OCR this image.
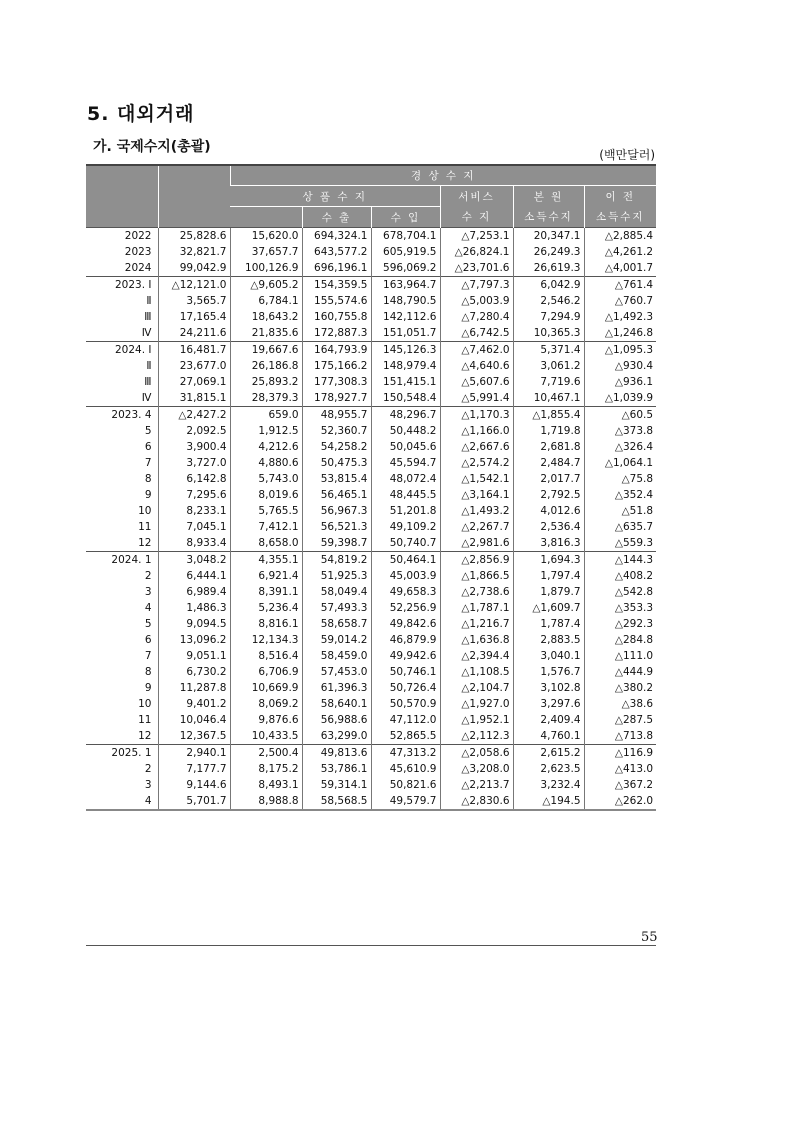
5. 대외거래
가. 국제수지(총괄)	(백만달러)
		경 상 수 지					
		상 품 수 지			서비스	본 원	이 전
			수 출	수 입	수 지	소득수지	소득수지
2022	25,828.6	15,620.0	694,324.1	678,704.1	△7,253.1	20,347.1	△2,885.4
2023	32,821.7	37,657.7	643,577.2	605,919.5	△26,824.1	26,249.3	△4,261.2
2024	99,042.9	100,126.9	696,196.1	596,069.2	△23,701.6	26,619.3	△4,001.7
2023. Ⅰ	△12,121.0	△9,605.2	154,359.5	163,964.7	△7,797.3	6,042.9	△761.4
Ⅱ	3,565.7	6,784.1	155,574.6	148,790.5	△5,003.9	2,546.2	△760.7
Ⅲ	17,165.4	18,643.2	160,755.8	142,112.6	△7,280.4	7,294.9	△1,492.3
Ⅳ	24,211.6	21,835.6	172,887.3	151,051.7	△6,742.5	10,365.3	△1,246.8
2024. Ⅰ	16,481.7	19,667.6	164,793.9	145,126.3	△7,462.0	5,371.4	△1,095.3
Ⅱ	23,677.0	26,186.8	175,166.2	148,979.4	△4,640.6	3,061.2	△930.4
Ⅲ	27,069.1	25,893.2	177,308.3	151,415.1	△5,607.6	7,719.6	△936.1
Ⅳ	31,815.1	28,379.3	178,927.7	150,548.4	△5,991.4	10,467.1	△1,039.9
2023. 4	△2,427.2	659.0	48,955.7	48,296.7	△1,170.3	△1,855.4	△60.5
5	2,092.5	1,912.5	52,360.7	50,448.2	△1,166.0	1,719.8	△373.8
6	3,900.4	4,212.6	54,258.2	50,045.6	△2,667.6	2,681.8	△326.4
7	3,727.0	4,880.6	50,475.3	45,594.7	△2,574.2	2,484.7	△1,064.1
8	6,142.8	5,743.0	53,815.4	48,072.4	△1,542.1	2,017.7	△75.8
9	7,295.6	8,019.6	56,465.1	48,445.5	△3,164.1	2,792.5	△352.4
10	8,233.1	5,765.5	56,967.3	51,201.8	△1,493.2	4,012.6	△51.8
11	7,045.1	7,412.1	56,521.3	49,109.2	△2,267.7	2,536.4	△635.7
12	8,933.4	8,658.0	59,398.7	50,740.7	△2,981.6	3,816.3	△559.3
2024. 1	3,048.2	4,355.1	54,819.2	50,464.1	△2,856.9	1,694.3	△144.3
2	6,444.1	6,921.4	51,925.3	45,003.9	△1,866.5	1,797.4	△408.2
3	6,989.4	8,391.1	58,049.4	49,658.3	△2,738.6	1,879.7	△542.8
4	1,486.3	5,236.4	57,493.3	52,256.9	△1,787.1	△1,609.7	△353.3
5	9,094.5	8,816.1	58,658.7	49,842.6	△1,216.7	1,787.4	△292.3
6	13,096.2	12,134.3	59,014.2	46,879.9	△1,636.8	2,883.5	△284.8
7	9,051.1	8,516.4	58,459.0	49,942.6	△2,394.4	3,040.1	△111.0
8	6,730.2	6,706.9	57,453.0	50,746.1	△1,108.5	1,576.7	△444.9
9	11,287.8	10,669.9	61,396.3	50,726.4	△2,104.7	3,102.8	△380.2
10	9,401.2	8,069.2	58,640.1	50,570.9	△1,927.0	3,297.6	△38.6
11	10,046.4	9,876.6	56,988.6	47,112.0	△1,952.1	2,409.4	△287.5
12	12,367.5	10,433.5	63,299.0	52,865.5	△2,112.3	4,760.1	△713.8
2025. 1	2,940.1	2,500.4	49,813.6	47,313.2	△2,058.6	2,615.2	△116.9
2	7,177.7	8,175.2	53,786.1	45,610.9	△3,208.0	2,623.5	△413.0
3	9,144.6	8,493.1	59,314.1	50,821.6	△2,213.7	3,232.4	△367.2
4	5,701.7	8,988.8	58,568.5	49,579.7	△2,830.6	△194.5	△262.0
55
